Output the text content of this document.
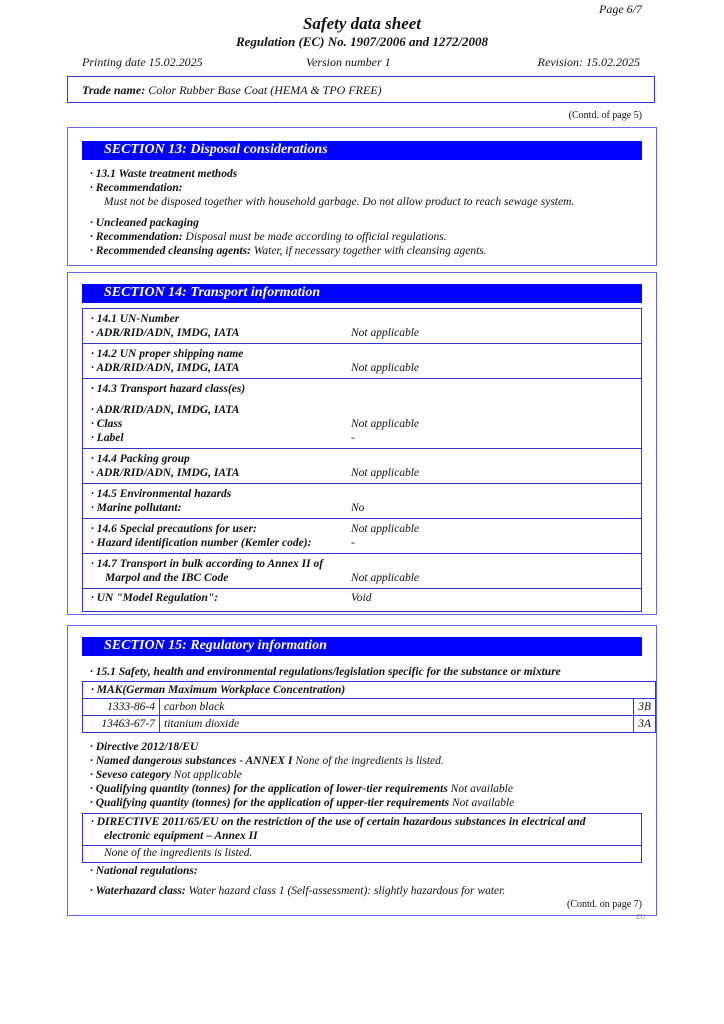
Page 6/7
Safety data sheet
Regulation (EC) No. 1907/2006 and 1272/2008
Printing date 15.02.2025	Version number 1	Revision: 15.02.2025
Trade name: Color Rubber Base Coat (HEMA & TPO FREE)
(Contd. of page 5)
SECTION 13: Disposal considerations
· 13.1 Waste treatment methods
· Recommendation:
Must not be disposed together with household garbage. Do not allow product to reach sewage system.
· Uncleaned packaging
· Recommendation: Disposal must be made according to official regulations.
· Recommended cleansing agents: Water, if necessary together with cleansing agents.
SECTION 14: Transport information
· 14.1 UN-Number
· ADR/RID/ADN, IMDG, IATA	Not applicable
· 14.2 UN proper shipping name
· ADR/RID/ADN, IMDG, IATA	Not applicable
· 14.3 Transport hazard class(es)
· ADR/RID/ADN, IMDG, IATA
· Class	Not applicable
· Label	-
· 14.4 Packing group
· ADR/RID/ADN, IMDG, IATA	Not applicable
· 14.5 Environmental hazards
· Marine pollutant:	No
· 14.6 Special precautions for user:	Not applicable
· Hazard identification number (Kemler code):	-
· 14.7 Transport in bulk according to Annex II of
Marpol and the IBC Code	Not applicable
· UN "Model Regulation":	Void
SECTION 15: Regulatory information
· 15.1 Safety, health and environmental regulations/legislation specific for the substance or mixture
· MAK(German Maximum Workplace Concentration)		
1333-86-4	carbon black	3B
13463-67-7	titanium dioxide	3A
· Directive 2012/18/EU
· Named dangerous substances - ANNEX I None of the ingredients is listed.
· Seveso category Not applicable
· Qualifying quantity (tonnes) for the application of lower-tier requirements Not available
· Qualifying quantity (tonnes) for the application of upper-tier requirements Not available
· DIRECTIVE 2011/65/EU on the restriction of the use of certain hazardous substances in electrical and
electronic equipment – Annex II
None of the ingredients is listed.
· National regulations:
· Waterhazard class: Water hazard class 1 (Self-assessment): slightly hazardous for water.
(Contd. on page 7)
EU
